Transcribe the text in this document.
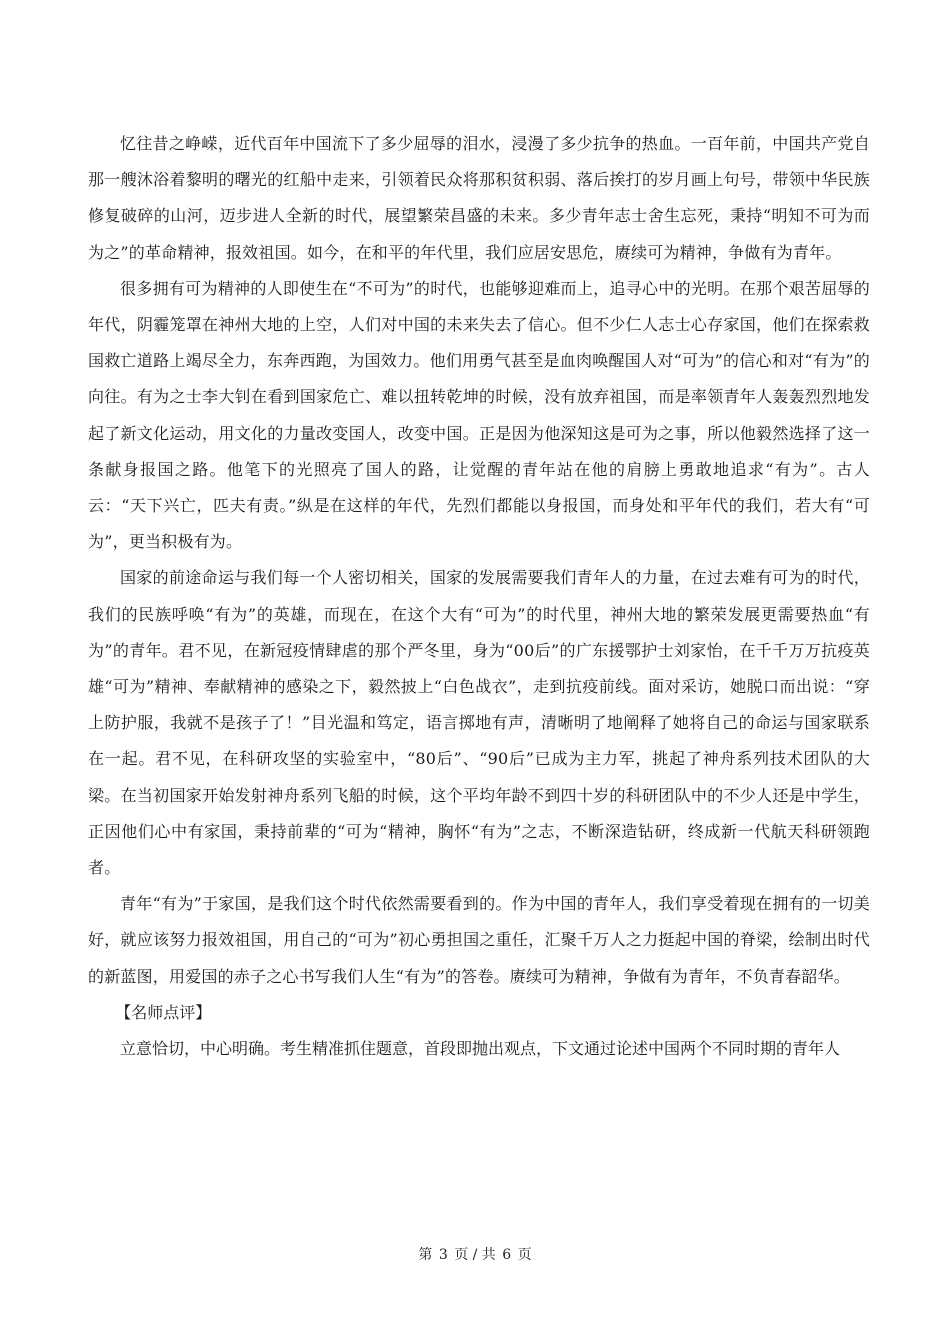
忆往昔之峥嵘，近代百年中国流下了多少屈辱的泪水，浸漫了多少抗争的热血。一百年前，中国共产党自那一艘沐浴着黎明的曙光的红船中走来，引领着民众将那积贫积弱、落后挨打的岁月画上句号，带领中华民族修复破碎的山河，迈步进人全新的时代，展望繁荣昌盛的未来。多少青年志士舍生忘死，秉持“明知不可为而为之”的革命精神，报效祖国。如今，在和平的年代里，我们应居安思危，赓续可为精神，争做有为青年。

很多拥有可为精神的人即使生在“不可为”的时代，也能够迎难而上，追寻心中的光明。在那个艰苦屈辱的年代，阴霾笼罩在神州大地的上空，人们对中国的未来失去了信心。但不少仁人志士心存家国，他们在探索救国救亡道路上竭尽全力，东奔西跑，为国效力。他们用勇气甚至是血肉唤醒国人对“可为”的信心和对“有为”的向往。有为之士李大钊在看到国家危亡、难以扭转乾坤的时候，没有放弃祖国，而是率领青年人轰轰烈烈地发起了新文化运动，用文化的力量改变国人，改变中国。正是因为他深知这是可为之事，所以他毅然选择了这一条献身报国之路。他笔下的光照亮了国人的路，让觉醒的青年站在他的肩膀上勇敢地追求“有为”。古人云：“天下兴亡，匹夫有责。”纵是在这样的年代，先烈们都能以身报国，而身处和平年代的我们，若大有“可为”，更当积极有为。

国家的前途命运与我们每一个人密切相关，国家的发展需要我们青年人的力量，在过去难有可为的时代，我们的民族呼唤“有为”的英雄，而现在，在这个大有“可为”的时代里，神州大地的繁荣发展更需要热血“有为”的青年。君不见，在新冠疫情肆虐的那个严冬里，身为“00后”的广东援鄂护士刘家怡，在千千万万抗疫英雄“可为”精神、奉献精神的感染之下，毅然披上“白色战衣”，走到抗疫前线。面对采访，她脱口而出说：“穿上防护服，我就不是孩子了！”目光温和笃定，语言掷地有声，清晰明了地阐释了她将自己的命运与国家联系在一起。君不见，在科研攻坚的实验室中，“80后”、“90后”已成为主力军，挑起了神舟系列技术团队的大梁。在当初国家开始发射神舟系列飞船的时候，这个平均年龄不到四十岁的科研团队中的不少人还是中学生，正因他们心中有家国，秉持前辈的“可为“精神，胸怀“有为”之志，不断深造钻研，终成新一代航天科研领跑者。

青年“有为”于家国，是我们这个时代依然需要看到的。作为中国的青年人，我们享受着现在拥有的一切美好，就应该努力报效祖国，用自己的“可为”初心勇担国之重任，汇聚千万人之力挺起中国的脊梁，绘制出时代的新蓝图，用爱国的赤子之心书写我们人生“有为”的答卷。赓续可为精神，争做有为青年，不负青春韶华。

【名师点评】

立意恰切，中心明确。考生精准抓住题意，首段即抛出观点，下文通过论述中国两个不同时期的青年人

第 3 页 / 共 6 页
